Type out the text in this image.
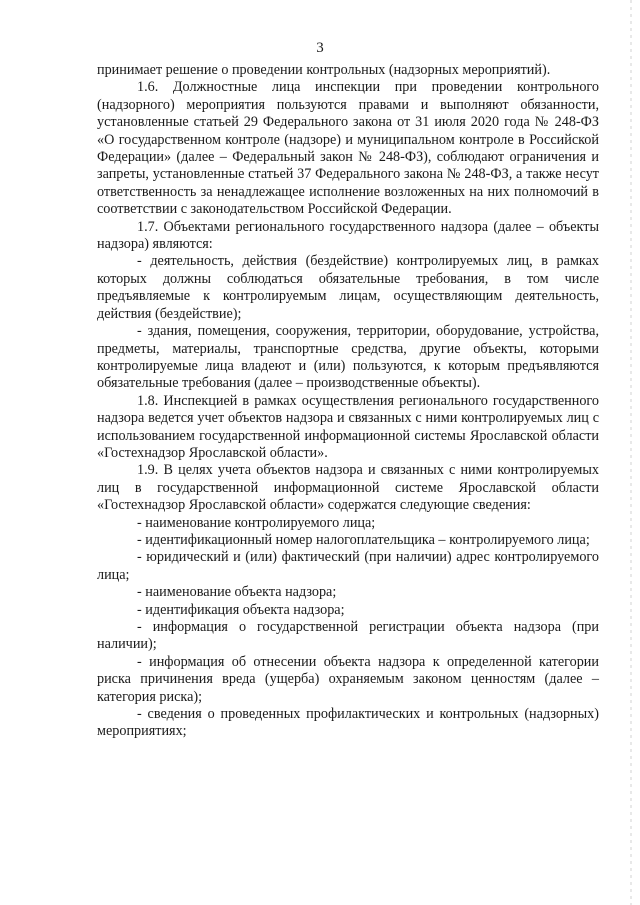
3

принимает решение о проведении контрольных (надзорных мероприятий).

1.6. Должностные лица инспекции при проведении контрольного (надзорного) мероприятия пользуются правами и выполняют обязанности, установленные статьей 29 Федерального закона от 31 июля 2020 года № 248-ФЗ «О государственном контроле (надзоре) и муниципальном контроле в Российской Федерации» (далее – Федеральный закон № 248-ФЗ), соблюдают ограничения и запреты, установленные статьей 37 Федерального закона № 248-ФЗ, а также несут ответственность за ненадлежащее исполнение возложенных на них полномочий в соответствии с законодательством Российской Федерации.

1.7. Объектами регионального государственного надзора (далее – объекты надзора) являются:

- деятельность, действия (бездействие) контролируемых лиц, в рамках которых должны соблюдаться обязательные требования, в том числе предъявляемые к контролируемым лицам, осуществляющим деятельность, действия (бездействие);

- здания, помещения, сооружения, территории, оборудование, устройства, предметы, материалы, транспортные средства, другие объекты, которыми контролируемые лица владеют и (или) пользуются, к которым предъявляются обязательные требования (далее – производственные объекты).

1.8. Инспекцией в рамках осуществления регионального государственного надзора ведется учет объектов надзора и связанных с ними контролируемых лиц с использованием государственной информационной системы Ярославской области «Гостехнадзор Ярославской области».

1.9. В целях учета объектов надзора и связанных с ними контролируемых лиц в государственной информационной системе Ярославской области «Гостехнадзор Ярославской области» содержатся следующие сведения:

- наименование контролируемого лица;

- идентификационный номер налогоплательщика – контролируемого лица;

- юридический и (или) фактический (при наличии) адрес контролируемого лица;

- наименование объекта надзора;

- идентификация объекта надзора;

- информация о государственной регистрации объекта надзора (при наличии);

- информация об отнесении объекта надзора к определенной категории риска причинения вреда (ущерба) охраняемым законом ценностям (далее – категория риска);

- сведения о проведенных профилактических и контрольных (надзорных) мероприятиях;
